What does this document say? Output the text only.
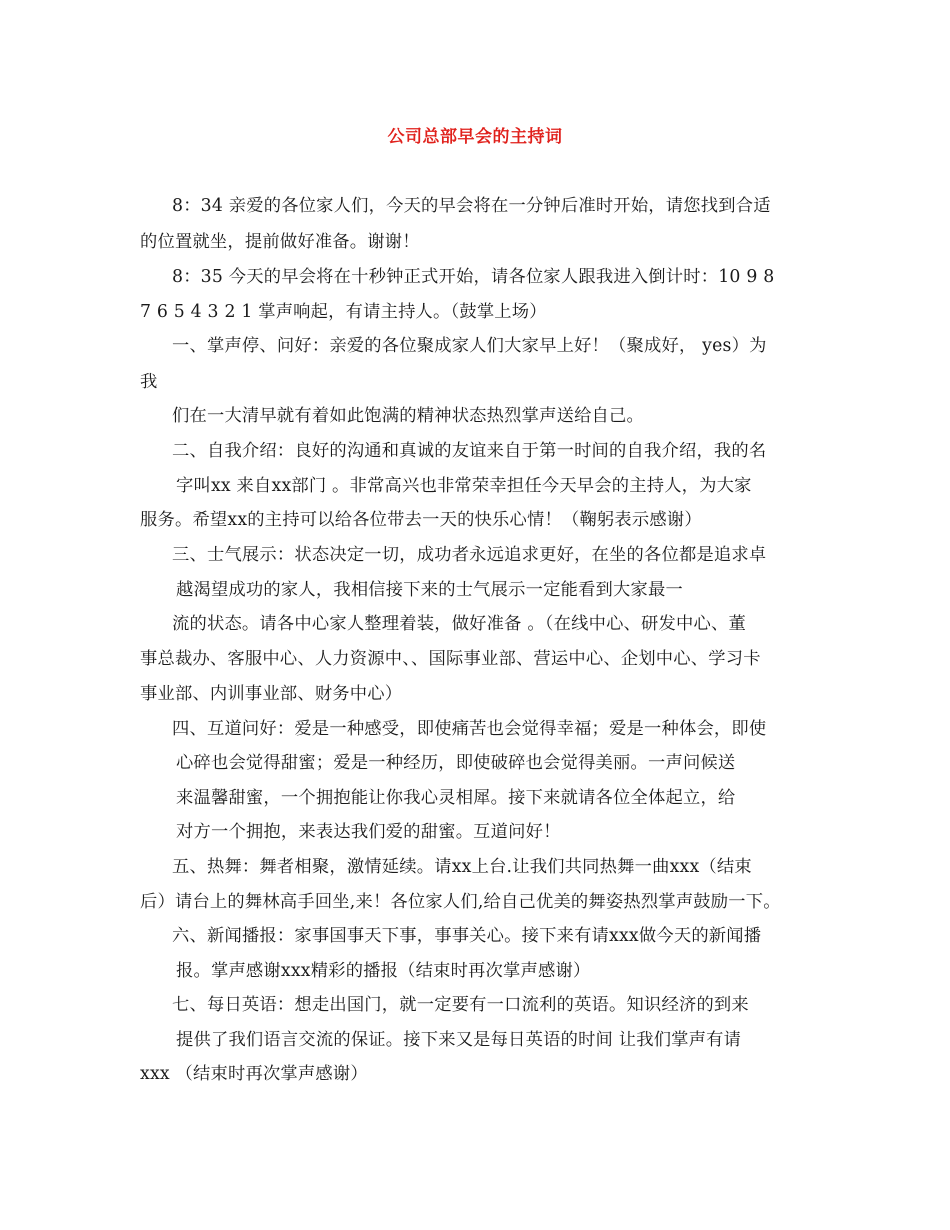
公司总部早会的主持词
8：34 亲爱的各位家人们，今天的早会将在一分钟后准时开始，请您找到合适
的位置就坐，提前做好准备。谢谢！
8：35 今天的早会将在十秒钟正式开始，请各位家人跟我进入倒计时：10 9 8
7 6 5 4 3 2 1 掌声响起，有请主持人。（鼓掌上场）
一、掌声停、问好：亲爱的各位聚成家人们大家早上好！（聚成好， yes）为
我
们在一大清早就有着如此饱满的精神状态热烈掌声送给自己。
二、自我介绍：良好的沟通和真诚的友谊来自于第一时间的自我介绍，我的名
字叫xx 来自xx部门 。非常高兴也非常荣幸担任今天早会的主持人，为大家
服务。希望xx的主持可以给各位带去一天的快乐心情！（鞠躬表示感谢）
三、士气展示：状态决定一切，成功者永远追求更好，在坐的各位都是追求卓
越渴望成功的家人，我相信接下来的士气展示一定能看到大家最一
流的状态。请各中心家人整理着装，做好准备 。（在线中心、研发中心、董
事总裁办、客服中心、人力资源中、、国际事业部、营运中心、企划中心、学习卡
事业部、内训事业部、财务中心）
四、互道问好：爱是一种感受，即使痛苦也会觉得幸福；爱是一种体会，即使
心碎也会觉得甜蜜；爱是一种经历，即使破碎也会觉得美丽。一声问候送
来温馨甜蜜，一个拥抱能让你我心灵相犀。接下来就请各位全体起立，给
对方一个拥抱，来表达我们爱的甜蜜。互道问好！
五、热舞：舞者相聚，激情延续。请xx上台.让我们共同热舞一曲xxx（结束
后）请台上的舞林高手回坐,来！各位家人们,给自己优美的舞姿热烈掌声鼓励一下。
六、新闻播报：家事国事天下事，事事关心。接下来有请xxx做今天的新闻播
报。掌声感谢xxx精彩的播报（结束时再次掌声感谢）
七、每日英语：想走出国门，就一定要有一口流利的英语。知识经济的到来
提供了我们语言交流的保证。接下来又是每日英语的时间 让我们掌声有请
xxx （结束时再次掌声感谢）
